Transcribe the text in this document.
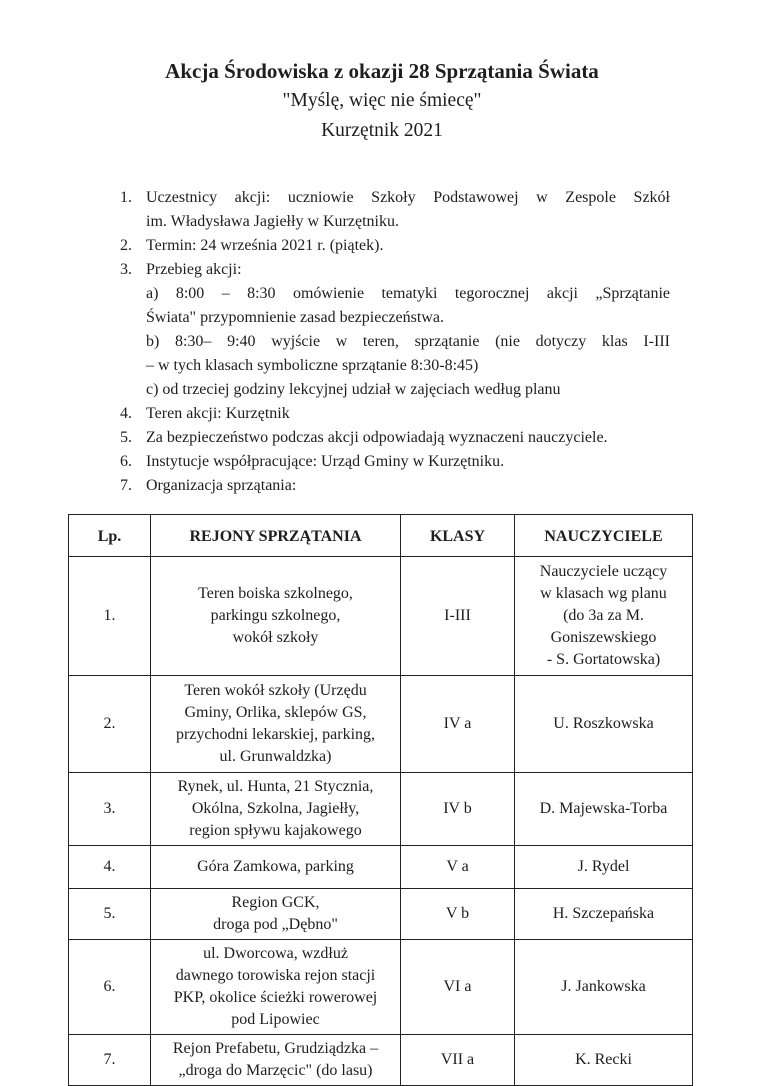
Akcja Środowiska z okazji 28 Sprzątania Świata
"Myślę, więc nie śmiecę"
Kurzętnik 2021
1. Uczestnicy akcji: uczniowie Szkoły Podstawowej w Zespole Szkół
im. Władysława Jagiełły w Kurzętniku.
2. Termin: 24 września 2021 r. (piątek).
3. Przebieg akcji:
a) 8:00 – 8:30 omówienie tematyki tegorocznej akcji „Sprzątanie
Świata" przypomnienie zasad bezpieczeństwa.
b) 8:30– 9:40 wyjście w teren, sprzątanie (nie dotyczy klas I-III
– w tych klasach symboliczne sprzątanie 8:30-8:45)
c) od trzeciej godziny lekcyjnej udział w zajęciach według planu
4. Teren akcji: Kurzętnik
5. Za bezpieczeństwo podczas akcji odpowiadają wyznaczeni nauczyciele.
6. Instytucje współpracujące: Urząd Gminy w Kurzętniku.
7. Organizacja sprzątania:
Lp.	REJONY SPRZĄTANIA	KLASY	NAUCZYCIELE
1.	Teren boiska szkolnego,
parkingu szkolnego,
wokół szkoły	I-III	Nauczyciele uczący
w klasach wg planu
(do 3a za M.
Goniszewskiego
- S. Gortatowska)

2.	Teren wokół szkoły (Urzędu
Gminy, Orlika, sklepów GS,
przychodni lekarskiej, parking,
ul. Grunwaldzka)	IV a	U. Roszkowska

3.	Rynek, ul. Hunta, 21 Stycznia,
Okólna, Szkolna, Jagiełły,
region spływu kajakowego	IV b	D. Majewska-Torba

4.	Góra Zamkowa, parking	V a	J. Rydel

5.	Region GCK,
droga pod „Dębno"	V b	H. Szczepańska

6.	ul. Dworcowa, wzdłuż
dawnego torowiska rejon stacji
PKP, okolice ścieżki rowerowej
pod Lipowiec	VI a	J. Jankowska

7.	Rejon Prefabetu, Grudziądzka –
„droga do Marzęcic" (do lasu)	VII a	K. Recki
